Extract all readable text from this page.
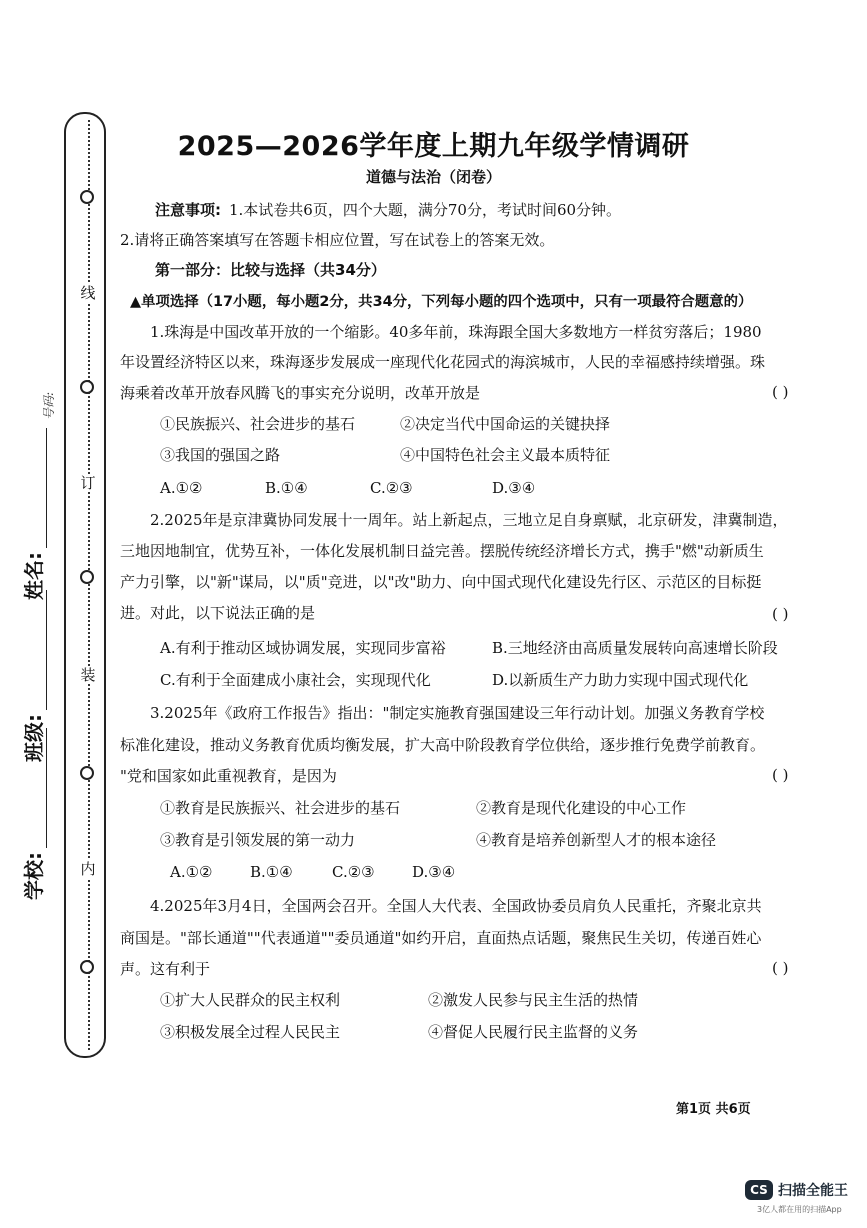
线
订
装
内
学校:
班级:
姓名:
号码:
2025—2026学年度上期九年级学情调研
道德与法治（闭卷）
注意事项: 1.本试卷共6页，四个大题，满分70分，考试时间60分钟。
2.请将正确答案填写在答题卡相应位置，写在试卷上的答案无效。
第一部分：比较与选择（共34分）
▲单项选择（17小题，每小题2分，共34分，下列每小题的四个选项中，只有一项最符合题意的）
1.珠海是中国改革开放的一个缩影。40多年前，珠海跟全国大多数地方一样贫穷落后；1980
年设置经济特区以来，珠海逐步发展成一座现代化花园式的海滨城市，人民的幸福感持续增强。珠
海乘着改革开放春风腾飞的事实充分说明，改革开放是	( )
①民族振兴、社会进步的基石	②决定当代中国命运的关键抉择
③我国的强国之路	④中国特色社会主义最本质特征
A.①②	B.①④	C.②③	D.③④
2.2025年是京津冀协同发展十一周年。站上新起点，三地立足自身禀赋，北京研发，津冀制造，
三地因地制宜，优势互补，一体化发展机制日益完善。摆脱传统经济增长方式，携手"燃"动新质生
产力引擎，以"新"谋局，以"质"竞进，以"改"助力、向中国式现代化建设先行区、示范区的目标挺
进。对此，以下说法正确的是	( )
A.有利于推动区域协调发展，实现同步富裕	B.三地经济由高质量发展转向高速增长阶段
C.有利于全面建成小康社会，实现现代化	D.以新质生产力助力实现中国式现代化
3.2025年《政府工作报告》指出："制定实施教育强国建设三年行动计划。加强义务教育学校
标准化建设，推动义务教育优质均衡发展，扩大高中阶段教育学位供给，逐步推行免费学前教育。
"党和国家如此重视教育，是因为	( )
①教育是民族振兴、社会进步的基石	②教育是现代化建设的中心工作
③教育是引领发展的第一动力	④教育是培养创新型人才的根本途径
A.①②	B.①④	C.②③ D.③④
4.2025年3月4日，全国两会召开。全国人大代表、全国政协委员肩负人民重托，齐聚北京共
商国是。"部长通道""代表通道""委员通道"如约开启，直面热点话题，聚焦民生关切，传递百姓心
声。这有利于	( )
①扩大人民群众的民主权利	②激发人民参与民主生活的热情
③积极发展全过程人民民主	④督促人民履行民主监督的义务
第1页 共6页
CS 扫描全能王
3亿人都在用的扫描App
